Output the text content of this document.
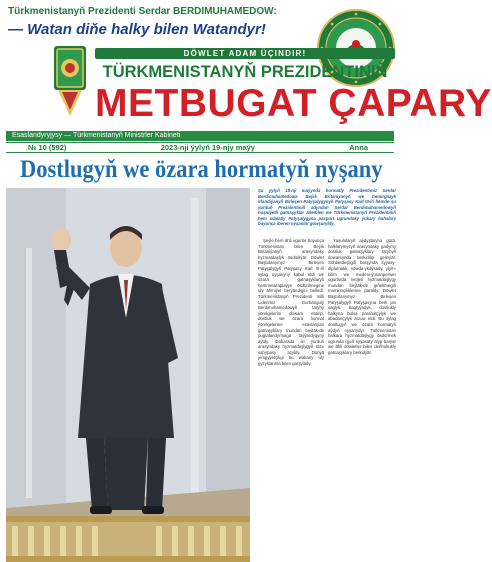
Türkmenistanyň Prezidenti Serdar BERDIMUHAMEDOW:
— Watan diňe halky bilen Watandyr!
DÖWLET ADAM ÜÇINDIR!
TÜRKMENISTANYŇ PREZIDENTINIŇ
METBUGAT ÇAPARY
Esaslandyryjysy — Türkmenistanyň Ministrler Kabineti
№ 10 (592)	2023-nji ýylyň 19-njy maýy	Anna
Dostlugyň we özara hormatyň nyşany
Şu ýylyň 18-nji maýynda hormatly Prezidentimiz Serdar Berdimuhamedowa Beýik Britaniýanyň we Demirgazyk Irlandiýanyň Birleşen Patyşalygynyň Patyşasy Karl III-iň hemde şu ýurduň Prezidentiniň adyndan Serdar Berdimuhamedowyň hoşniýetli gatnaşyklar äňedilen we Türkmenistanyň Prezidentiniň hem adalatly Patyşalygyna pasport ugrundaky ýokary bahalary boýunça iberen nyşanlar gowşuryldy.

Şeýle hem ähli ugurlar boýunça Türkmenistan bilen Beýik Britaniýanyň arasyndaky hyzmatdaşlyk ösdürilýär. Döwlet Baştutanymyz Birleşen Patyşalygyň Patyşasy Karl III-iň sylag nyşanyny kabul etdi we özara gatnaşyklaryň hemmetaraplaýyn ösdürilmegine uly ähmiýet berýändigini belledi. Türkmenistanyň Prezidenti milli Liderimiz Gurbanguly Berdimuhamedowyň taryhy ýörelgelerini dowam etdirip, dostluk we özara hormat ýörelgelerine esaslanýan gatnaşyklary mundan beýläk-de pugtalandyrmaga taýýardygyny aýtdy. Dabarada iki ýurduň arasyndaky hyzmatdaşlygyň täze sahypasy açyldy. Dünýä jemgyýetçiligi bu wakany uly gyzyklanma bilen garşylady.

Ýaşulularyň aýdyşlaryna görä, halklarymyzyň arasyndaky gadymy dostluk gatnaşyklary taryhyň dowamynda berkidilip gelinýär. Söhbetdeşligiň barşynda syýasy-diplomatik, söwda-ykdysady, ylym-bilim we medeni-ynsanperwer ugurlarda netijeli hyzmatdaşlygy mundan beýläk-de giňeltmegiň mümkinçiliklerine garaldy. Döwlet Baştutanymyz Birleşen Patyşalygyň Patyşasyna berk jan saglyk, bagtyýarlyk, dostlukly halkyna bolsa parahatçylyk we abadançylyk arzuw etdi. Bu sylag dostlugyň we özara hormatyň aýdyň nyşanydyr. Türkmenistan halkara hyzmatdaşlygy ösdürmek ugrunda işjeň syýasaty alyp barýar we ähli döwletler bilen deňhukukly gatnaşyklary berkidýär.
